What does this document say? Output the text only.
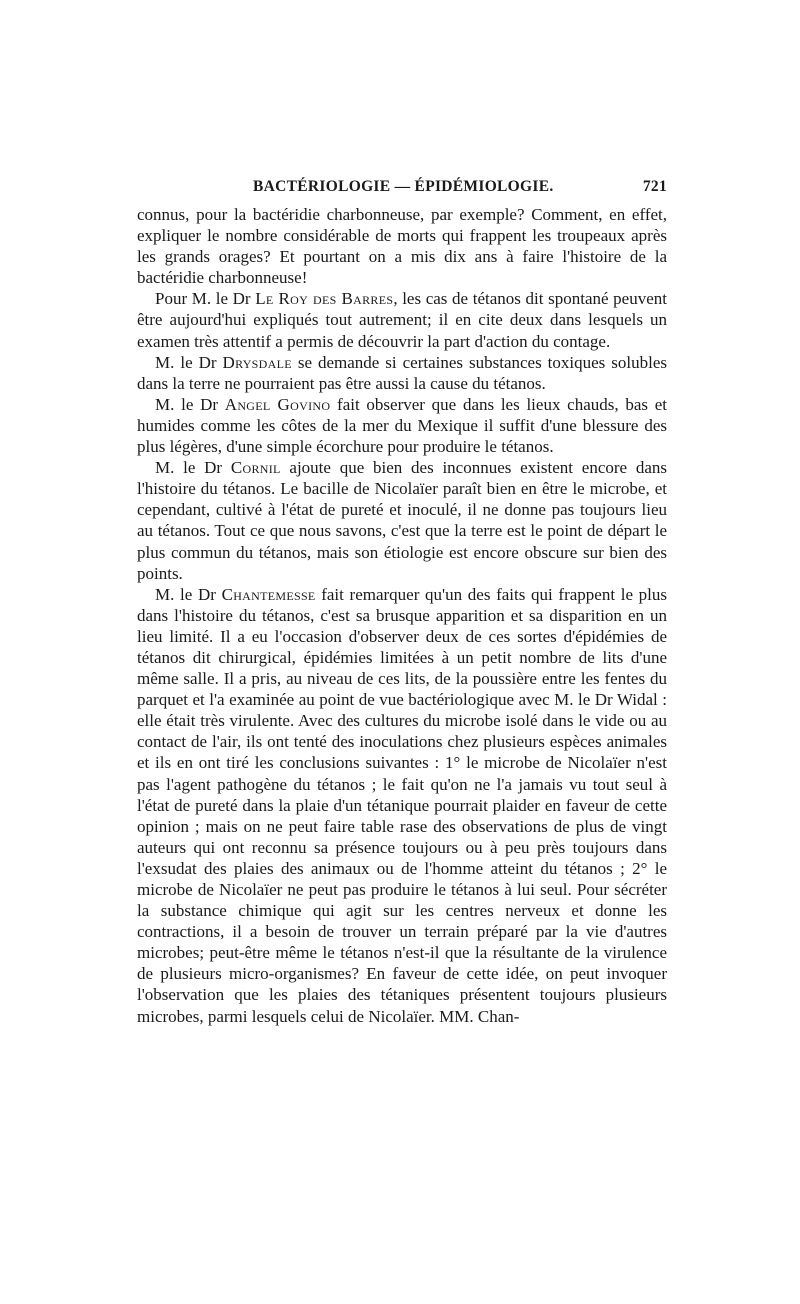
BACTÉRIOLOGIE — ÉPIDÉMIOLOGIE.	721

connus, pour la bactéridie charbonneuse, par exemple? Comment, en effet, expliquer le nombre considérable de morts qui frappent les troupeaux après les grands orages? Et pourtant on a mis dix ans à faire l'histoire de la bactéridie charbonneuse!

Pour M. le Dr Le Roy des Barres, les cas de tétanos dit spontané peuvent être aujourd'hui expliqués tout autrement; il en cite deux dans lesquels un examen très attentif a permis de découvrir la part d'action du contage.

M. le Dr Drysdale se demande si certaines substances toxiques solubles dans la terre ne pourraient pas être aussi la cause du tétanos.

M. le Dr Angel Govino fait observer que dans les lieux chauds, bas et humides comme les côtes de la mer du Mexique il suffit d'une blessure des plus légères, d'une simple écorchure pour produire le tétanos.

M. le Dr Cornil ajoute que bien des inconnues existent encore dans l'histoire du tétanos. Le bacille de Nicolaïer paraît bien en être le microbe, et cependant, cultivé à l'état de pureté et inoculé, il ne donne pas toujours lieu au tétanos. Tout ce que nous savons, c'est que la terre est le point de départ le plus commun du tétanos, mais son étiologie est encore obscure sur bien des points.

M. le Dr Chantemesse fait remarquer qu'un des faits qui frappent le plus dans l'histoire du tétanos, c'est sa brusque apparition et sa disparition en un lieu limité. Il a eu l'occasion d'observer deux de ces sortes d'épidémies de tétanos dit chirurgical, épidémies limitées à un petit nombre de lits d'une même salle. Il a pris, au niveau de ces lits, de la poussière entre les fentes du parquet et l'a examinée au point de vue bactériologique avec M. le Dr Widal : elle était très virulente. Avec des cultures du microbe isolé dans le vide ou au contact de l'air, ils ont tenté des inoculations chez plusieurs espèces animales et ils en ont tiré les conclusions suivantes : 1° le microbe de Nicolaïer n'est pas l'agent pathogène du tétanos ; le fait qu'on ne l'a jamais vu tout seul à l'état de pureté dans la plaie d'un tétanique pourrait plaider en faveur de cette opinion ; mais on ne peut faire table rase des observations de plus de vingt auteurs qui ont reconnu sa présence toujours ou à peu près toujours dans l'exsudat des plaies des animaux ou de l'homme atteint du tétanos ; 2° le microbe de Nicolaïer ne peut pas produire le tétanos à lui seul. Pour sécréter la substance chimique qui agit sur les centres nerveux et donne les contractions, il a besoin de trouver un terrain préparé par la vie d'autres microbes; peut-être même le tétanos n'est-il que la résultante de la virulence de plusieurs micro-organismes? En faveur de cette idée, on peut invoquer l'observation que les plaies des tétaniques présentent toujours plusieurs microbes, parmi lesquels celui de Nicolaïer. MM. Chan-
